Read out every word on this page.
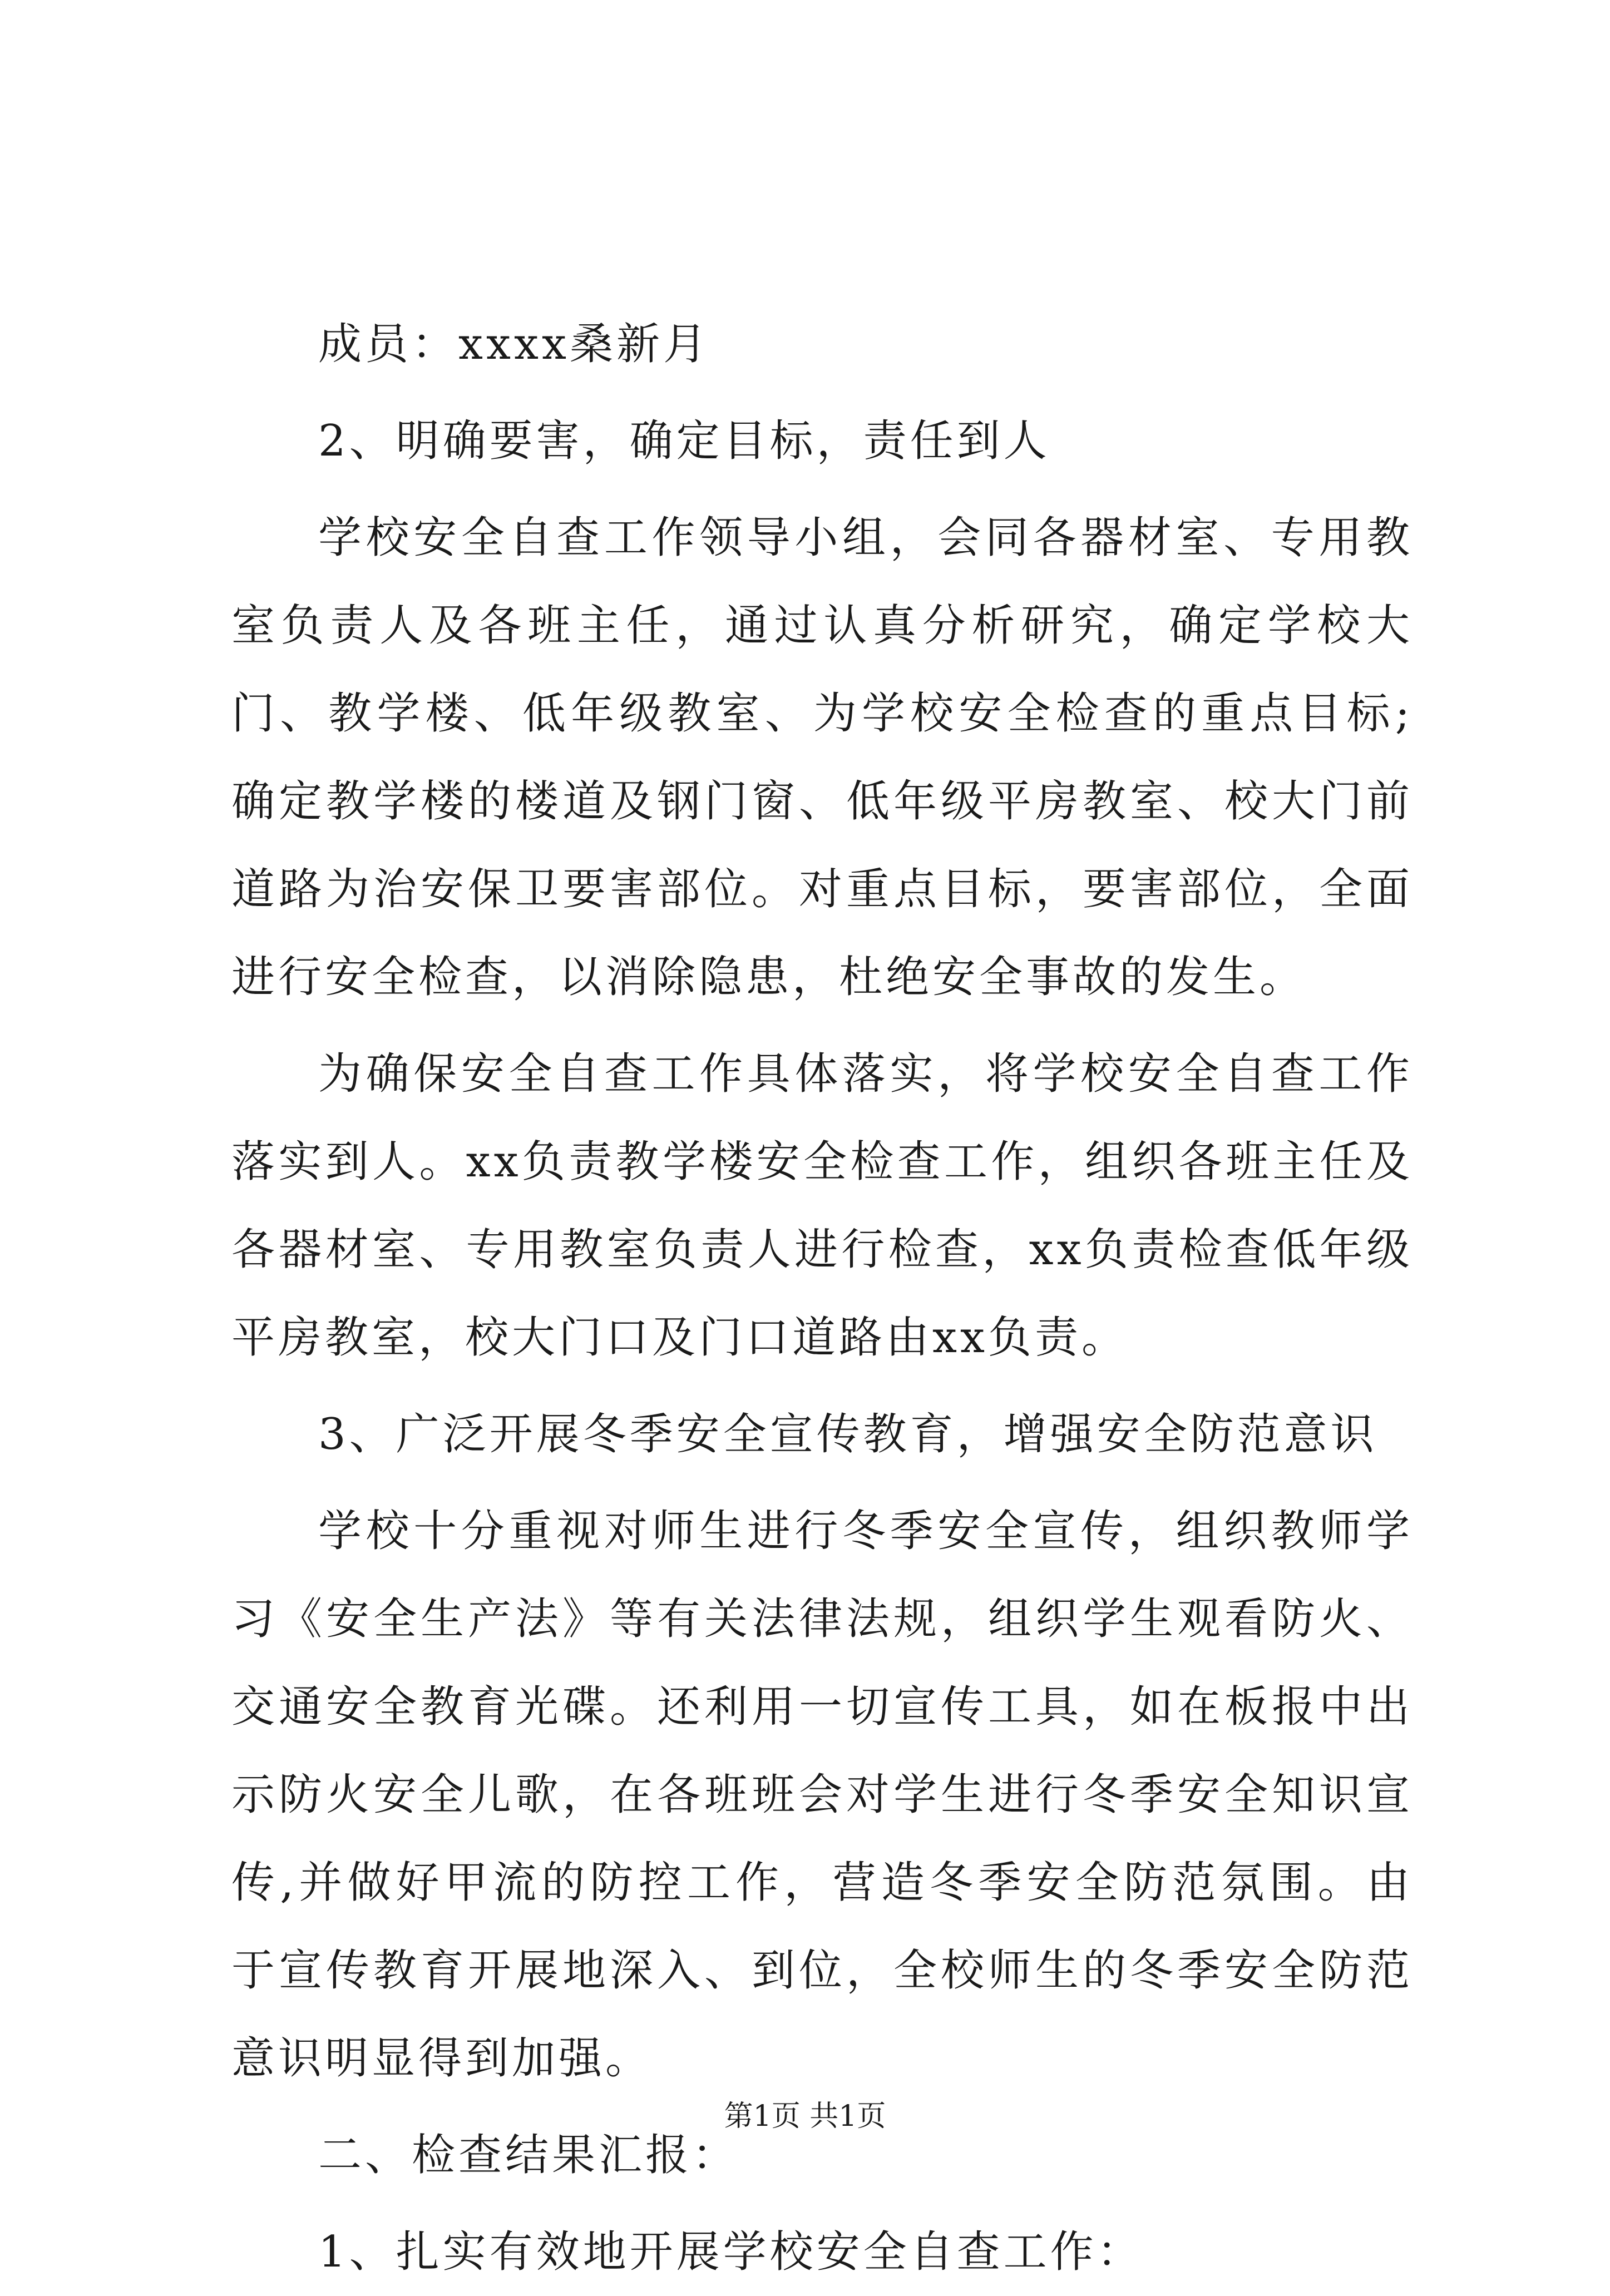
成员：xxxx桑新月

2、明确要害，确定目标，责任到人

学校安全自查工作领导小组，会同各器材室、专用教室负责人及各班主任，通过认真分析研究，确定学校大门、教学楼、低年级教室、为学校安全检查的重点目标;确定教学楼的楼道及钢门窗、低年级平房教室、校大门前道路为治安保卫要害部位。对重点目标，要害部位，全面进行安全检查，以消除隐患，杜绝安全事故的发生。

为确保安全自查工作具体落实，将学校安全自查工作落实到人。xx负责教学楼安全检查工作，组织各班主任及各器材室、专用教室负责人进行检查，xx负责检查低年级平房教室，校大门口及门口道路由xx负责。

3、广泛开展冬季安全宣传教育，增强安全防范意识

学校十分重视对师生进行冬季安全宣传，组织教师学习《安全生产法》等有关法律法规，组织学生观看防火、交通安全教育光碟。还利用一切宣传工具，如在板报中出示防火安全儿歌，在各班班会对学生进行冬季安全知识宣传,并做好甲流的防控工作，营造冬季安全防范氛围。由于宣传教育开展地深入、到位，全校师生的冬季安全防范意识明显得到加强。

二、检查结果汇报：

1、扎实有效地开展学校安全自查工作：

第1页 共1页
